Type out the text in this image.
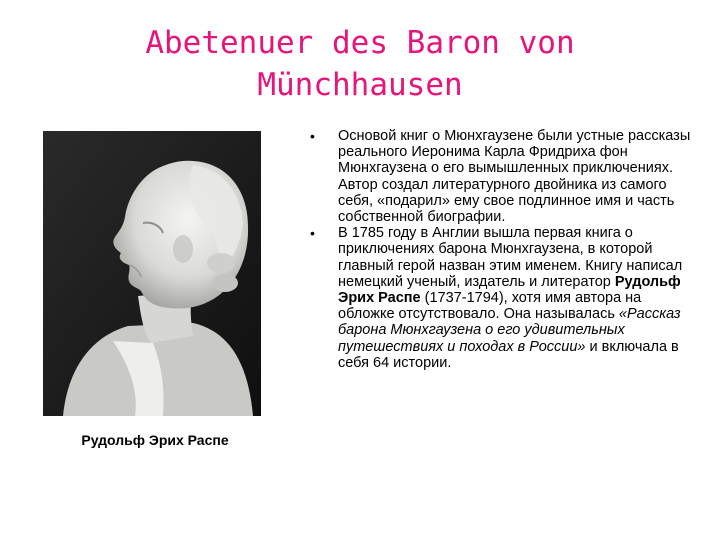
Abetenuer des Baron von
Münchhausen
Рудольф Эрих Распе
• Основой книг о Мюнхгаузене были устные рассказы реального Иеронима Карла Фридриха фон Мюнхгаузена о его вымышленных приключениях. Автор создал литературного двойника из самого себя, «подарил» ему свое подлинное имя и часть собственной биографии.
• В 1785 году в Англии вышла первая книга о приключениях барона Мюнхгаузена, в которой главный герой назван этим именем. Книгу написал немецкий ученый, издатель и литератор Рудольф Эрих Распе (1737-1794), хотя имя автора на обложке отсутствовало. Она называлась «Рассказ барона Мюнхгаузена о его удивительных путешествиях и походах в России» и включала в себя 64 истории.
